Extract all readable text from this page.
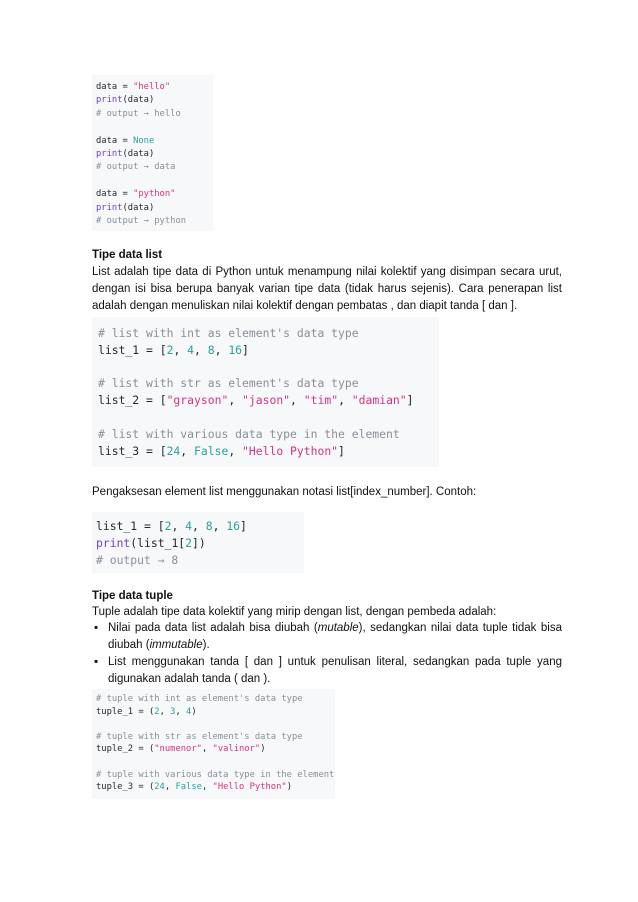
data = "hello"
print(data)
# output → hello

data = None
print(data)
# output → data

data = "python"
print(data)
# output → python
Tipe data list
List adalah tipe data di Python untuk menampung nilai kolektif yang disimpan secara urut, dengan isi bisa berupa banyak varian tipe data (tidak harus sejenis). Cara penerapan list adalah dengan menuliskan nilai kolektif dengan pembatas , dan diapit tanda [ dan ].
# list with int as element's data type
list_1 = [2, 4, 8, 16]

# list with str as element's data type
list_2 = ["grayson", "jason", "tim", "damian"]

# list with various data type in the element
list_3 = [24, False, "Hello Python"]
Pengaksesan element list menggunakan notasi list[index_number]. Contoh:
list_1 = [2, 4, 8, 16]
print(list_1[2])
# output → 8
Tipe data tuple
Tuple adalah tipe data kolektif yang mirip dengan list, dengan pembeda adalah:
▪ Nilai pada data list adalah bisa diubah (mutable), sedangkan nilai data tuple tidak bisa diubah (immutable).
▪ List menggunakan tanda [ dan ] untuk penulisan literal, sedangkan pada tuple yang digunakan adalah tanda ( dan ).
# tuple with int as element's data type
tuple_1 = (2, 3, 4)

# tuple with str as element's data type
tuple_2 = ("numenor", "valinor")

# tuple with various data type in the element
tuple_3 = (24, False, "Hello Python")
